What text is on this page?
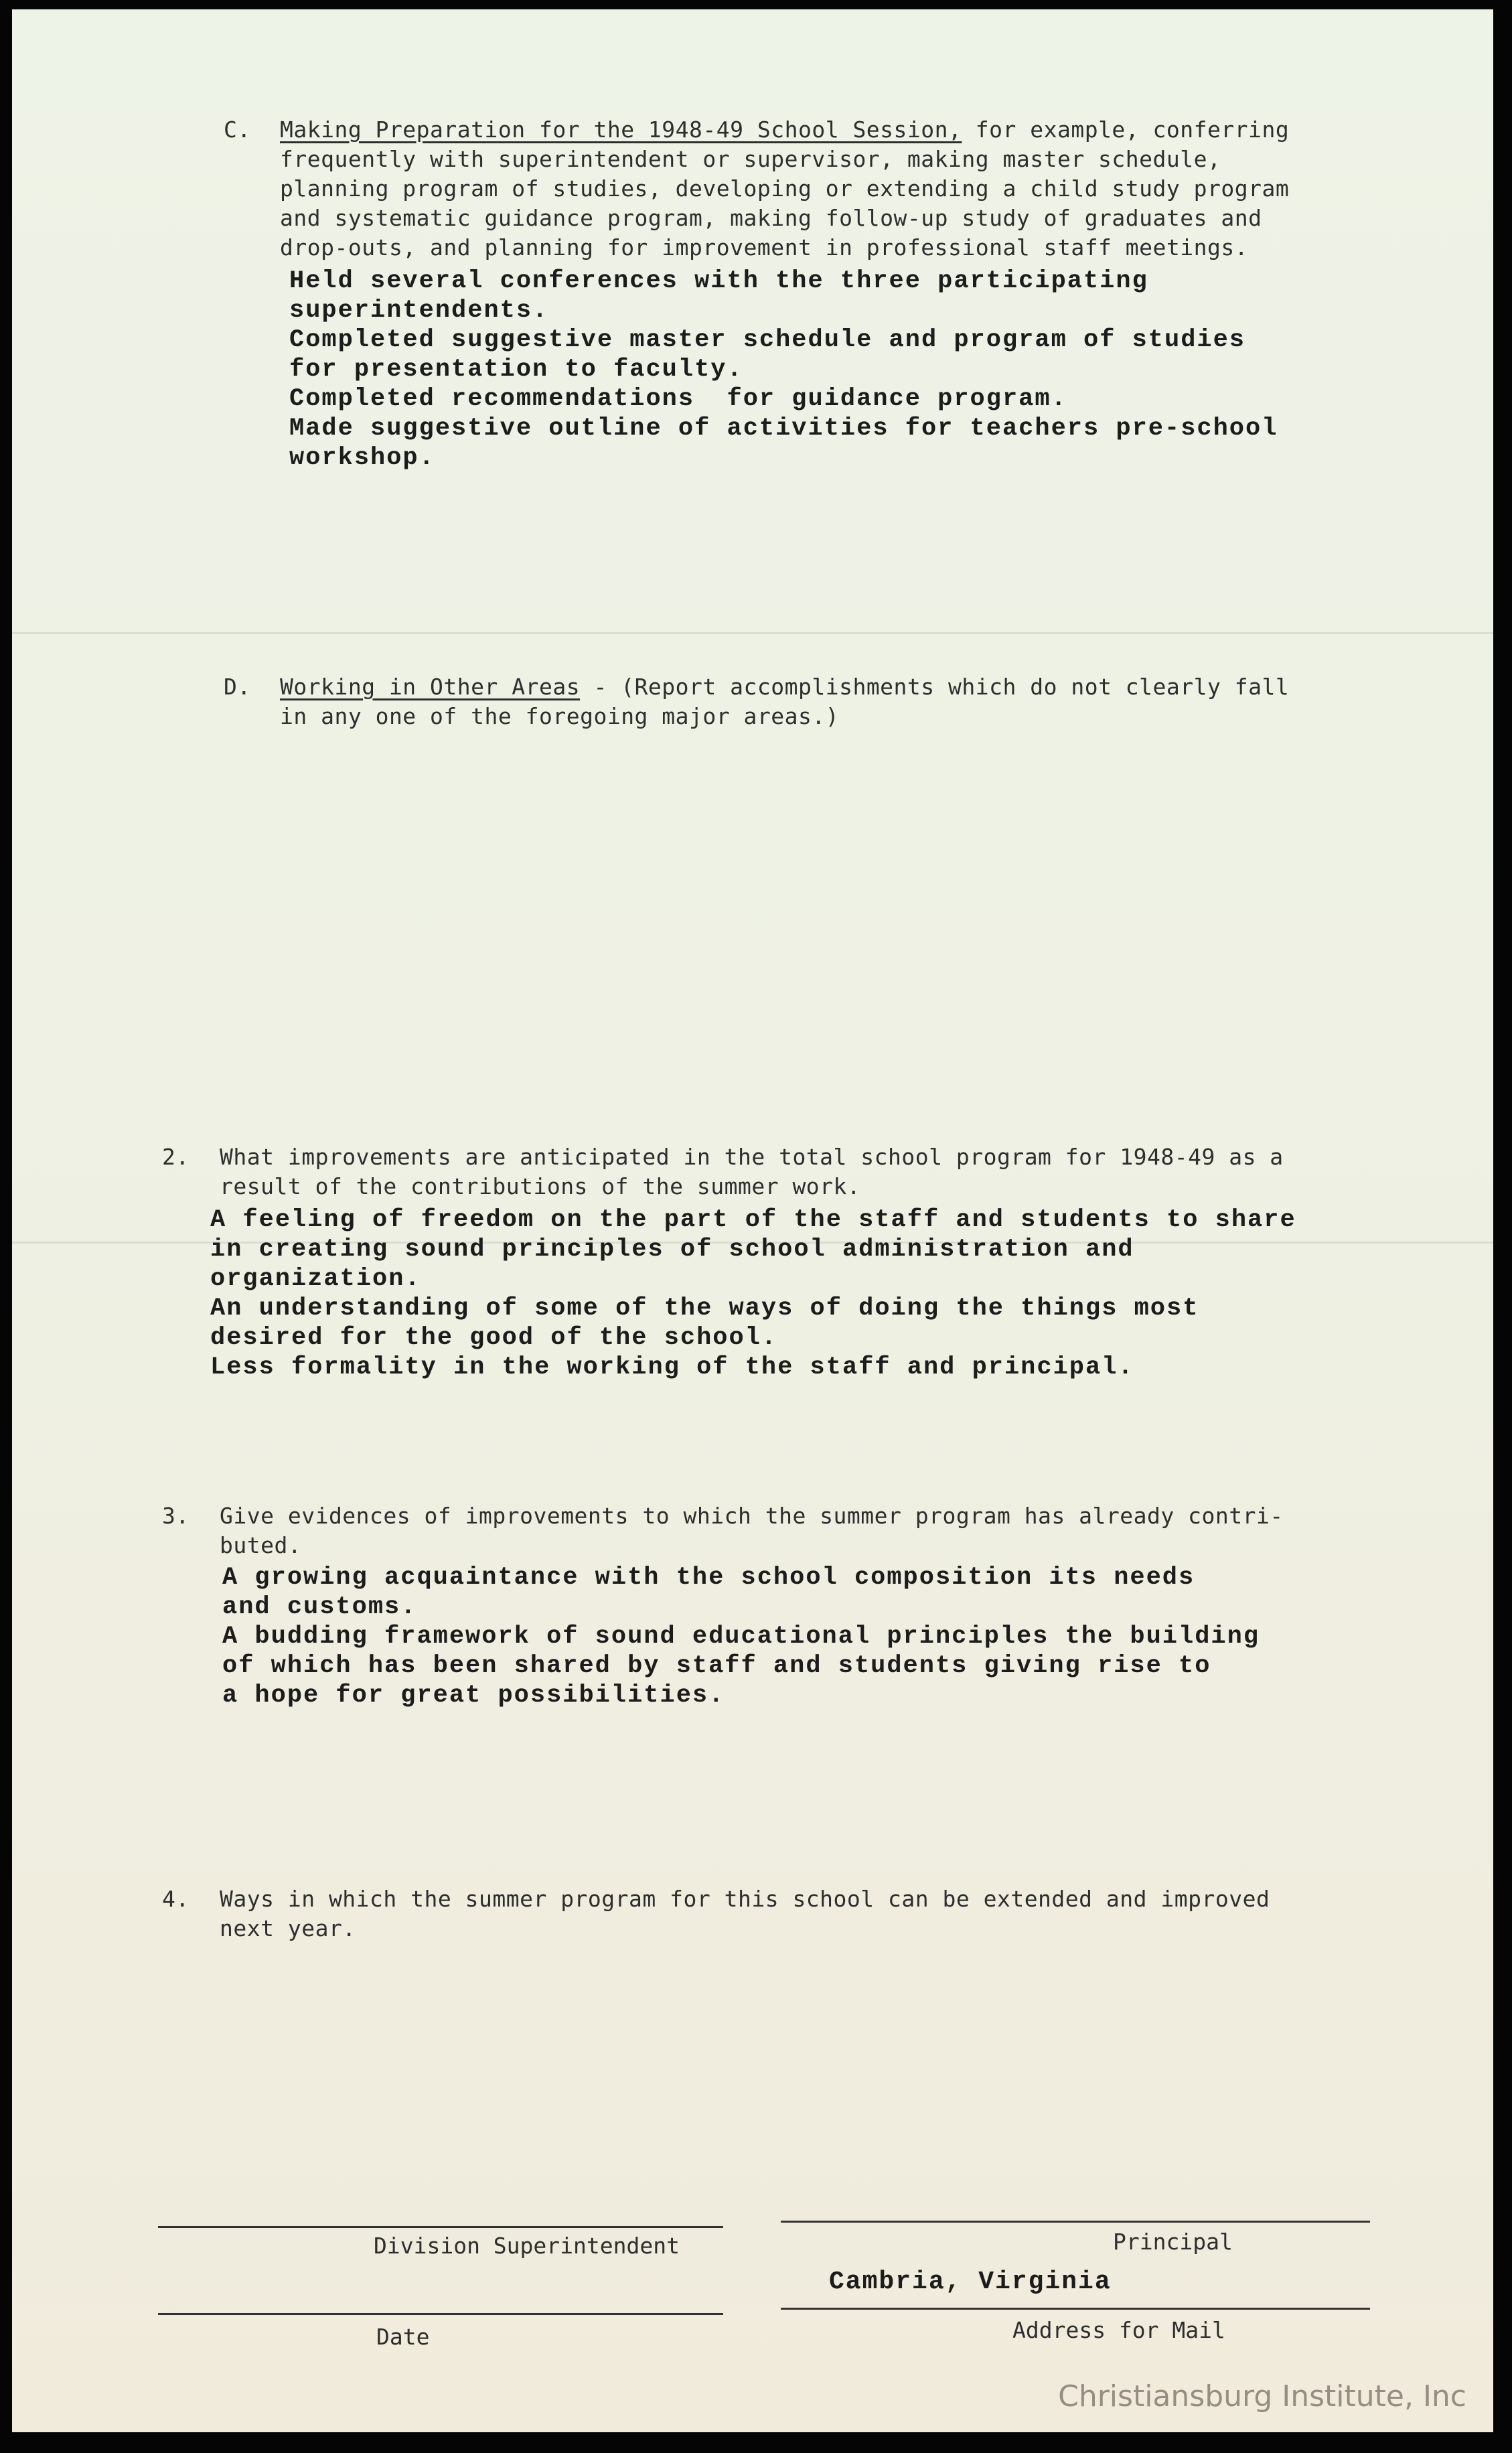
C. Making Preparation for the 1948-49 School Session, for example, conferring
frequently with superintendent or supervisor, making master schedule,
planning program of studies, developing or extending a child study program
and systematic guidance program, making follow-up study of graduates and
drop-outs, and planning for improvement in professional staff meetings.
Held several conferences with the three participating
superintendents.
Completed suggestive master schedule and program of studies
for presentation to faculty.
Completed recommendations  for guidance program.
Made suggestive outline of activities for teachers pre-school
workshop.
D. Working in Other Areas - (Report accomplishments which do not clearly fall
in any one of the foregoing major areas.)
2. What improvements are anticipated in the total school program for 1948-49 as a
result of the contributions of the summer work.
A feeling of freedom on the part of the staff and students to share
in creating sound principles of school administration and
organization.
An understanding of some of the ways of doing the things most
desired for the good of the school.
Less formality in the working of the staff and principal.
3. Give evidences of improvements to which the summer program has already contri-
buted.
A growing acquaintance with the school composition its needs
and customs.
A budding framework of sound educational principles the building
of which has been shared by staff and students giving rise to
a hope for great possibilities.
4. Ways in which the summer program for this school can be extended and improved
next year.
Division Superintendent	Principal
Cambria, Virginia
Date	Address for Mail
Christiansburg Institute, Inc
